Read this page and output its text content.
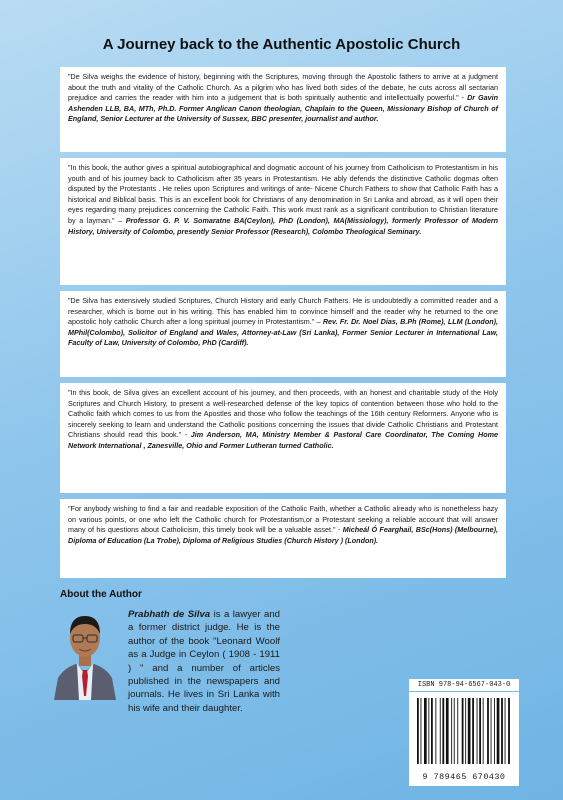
A Journey back to the Authentic Apostolic Church
"De Silva weighs the evidence of history, beginning with the Scriptures, moving through the Apostolic fathers to arrive at a judgment about the truth and vitality of the Catholic Church. As a pilgrim who has lived both sides of the debate, he cuts across all sectarian prejudice and carries the reader with him into a judgement that is both spiritually authentic and intellectually powerful." - Dr Gavin Ashenden LLB, BA, MTh, Ph.D. Former Anglican Canon theologian, Chaplain to the Queen, Missionary Bishop of Church of England, Senior Lecturer at the University of Sussex, BBC presenter, journalist and author.
"In this book, the author gives a spiritual autobiographical and dogmatic account of his journey from Catholicism to Protestantism in his youth and of his journey back to Catholicism after 35 years in Protestantism. He ably defends the distinctive Catholic dogmas often disputed by the Protestants . He relies upon Scriptures and writings of ante- Nicene Church Fathers to show that Catholic Faith has a historical and Biblical basis. This is an excellent book for Christians of any denomination in Sri Lanka and abroad, as it will open their eyes regarding many prejudices concerning the Catholic Faith. This work must rank as a significant contribution to Christian literature by a layman." – Professor G. P. V. Somaratne BA(Ceylon), PhD (London), MA(Missiology), formerly Professor of Modern History, University of Colombo, presently Senior Professor (Research), Colombo Theological Seminary.
"De Silva has extensively studied Scriptures, Church History and early Church Fathers. He is undoubtedly a committed reader and a researcher, which is borne out in his writing. This has enabled him to convince himself and the reader why he returned to the one apostolic holy catholic Church after a long spiritual journey in Protestantism." – Rev. Fr. Dr. Noel Dias, B.Ph (Rome), LLM (London), MPhil(Colombo), Solicitor of England and Wales, Attorney-at-Law (Sri Lanka), Former Senior Lecturer in International Law, Faculty of Law, University of Colombo, PhD (Cardiff).
"In this book, de Silva gives an excellent account of his journey, and then proceeds, with an honest and charitable study of the Holy Scriptures and Church History, to present a well-researched defense of the key topics of contention between those who hold to the Catholic faith which comes to us from the Apostles and those who follow the teachings of the 16th century Reformers. Anyone who is sincerely seeking to learn and understand the Catholic positions concerning the issues that divide Catholic Christians and Protestant Christians should read this book." - Jim Anderson, MA, Ministry Member & Pastoral Care Coordinator, The Coming Home Network International , Zanesville, Ohio and Former Lutheran turned Catholic.
"For anybody wishing to find a fair and readable exposition of the Catholic Faith, whether a Catholic already who is nonetheless hazy on various points, or one who left the Catholic church for Protestantism,or a Protestant seeking a reliable account that will answer many of his questions about Catholicism, this timely book will be a valuable asset." - Micheál Ó Fearghail, BSc(Hons) (Melbourne), Diploma of Education (La Trobe), Diploma of Religious Studies (Church History ) (London).
About the Author
Prabhath de Silva is a lawyer and a former district judge. He is the author of the book "Leonard Woolf as a Judge in Ceylon ( 1908 - 1911 ) " and a number of articles published in the newspapers and journals. He lives in Sri Lanka with his wife and their daughter.
ISBN 978-94-6567-043-0
9 789465 670430
